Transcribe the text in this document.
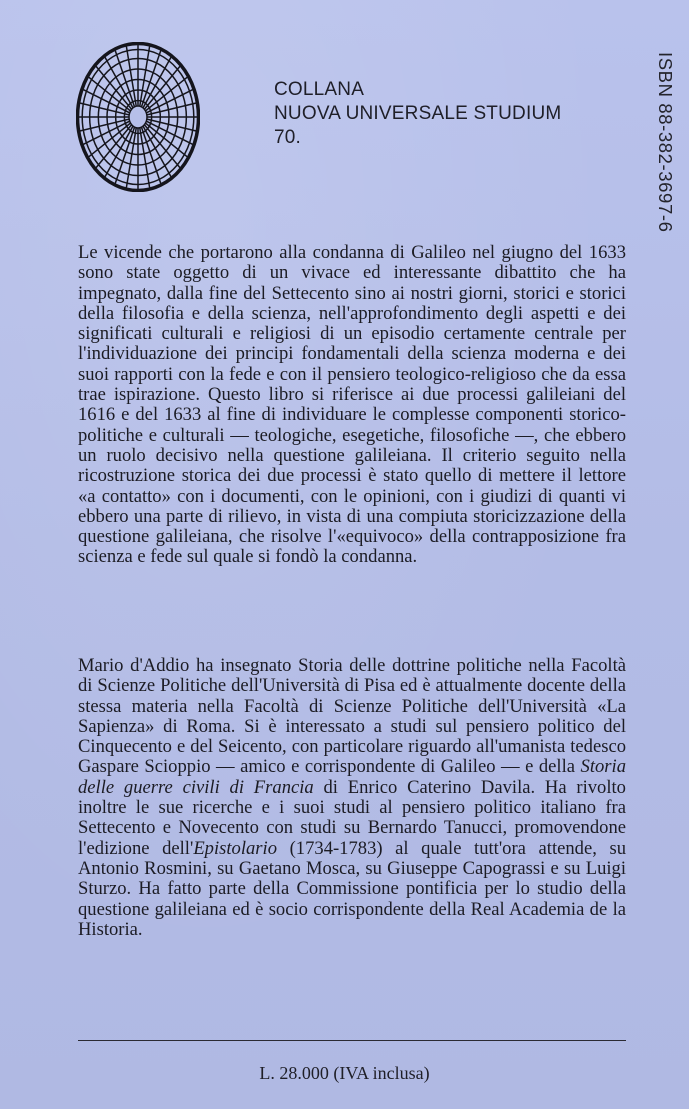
COLLANA
NUOVA UNIVERSALE STUDIUM
70.	ISBN 88-382-3697-6
Le vicende che portarono alla condanna di Galileo nel giugno del 1633 sono state oggetto di un vivace ed interessante dibattito che ha impegnato, dalla fine del Settecento sino ai nostri giorni, storici e storici della filosofia e della scienza, nell'approfondimento degli aspetti e dei significati culturali e religiosi di un episodio certamente centrale per l'individuazione dei principi fondamentali della scienza moderna e dei suoi rapporti con la fede e con il pensiero teologico-religioso che da essa trae ispirazione. Questo libro si riferisce ai due processi galileiani del 1616 e del 1633 al fine di individuare le complesse componenti storico-politiche e culturali — teologiche, esegetiche, filosofiche —, che ebbero un ruolo decisivo nella questione galileiana. Il criterio seguito nella ricostruzione storica dei due processi è stato quello di mettere il lettore «a contatto» con i documenti, con le opinioni, con i giudizi di quanti vi ebbero una parte di rilievo, in vista di una compiuta storicizzazione della questione galileiana, che risolve l'«equivoco» della contrapposizione fra scienza e fede sul quale si fondò la condanna.
Mario d'Addio ha insegnato Storia delle dottrine politiche nella Facoltà di Scienze Politiche dell'Università di Pisa ed è attualmente docente della stessa materia nella Facoltà di Scienze Politiche dell'Università «La Sapienza» di Roma. Si è interessato a studi sul pensiero politico del Cinquecento e del Seicento, con particolare riguardo all'umanista tedesco Gaspare Scioppio — amico e corrispondente di Galileo — e della Storia delle guerre civili di Francia di Enrico Caterino Davila. Ha rivolto inoltre le sue ricerche e i suoi studi al pensiero politico italiano fra Settecento e Novecento con studi su Bernardo Tanucci, promovendone l'edizione dell'Epistolario (1734-1783) al quale tutt'ora attende, su Antonio Rosmini, su Gaetano Mosca, su Giuseppe Capograssi e su Luigi Sturzo. Ha fatto parte della Commissione pontificia per lo studio della questione galileiana ed è socio corrispondente della Real Academia de la Historia.
L. 28.000 (IVA inclusa)
